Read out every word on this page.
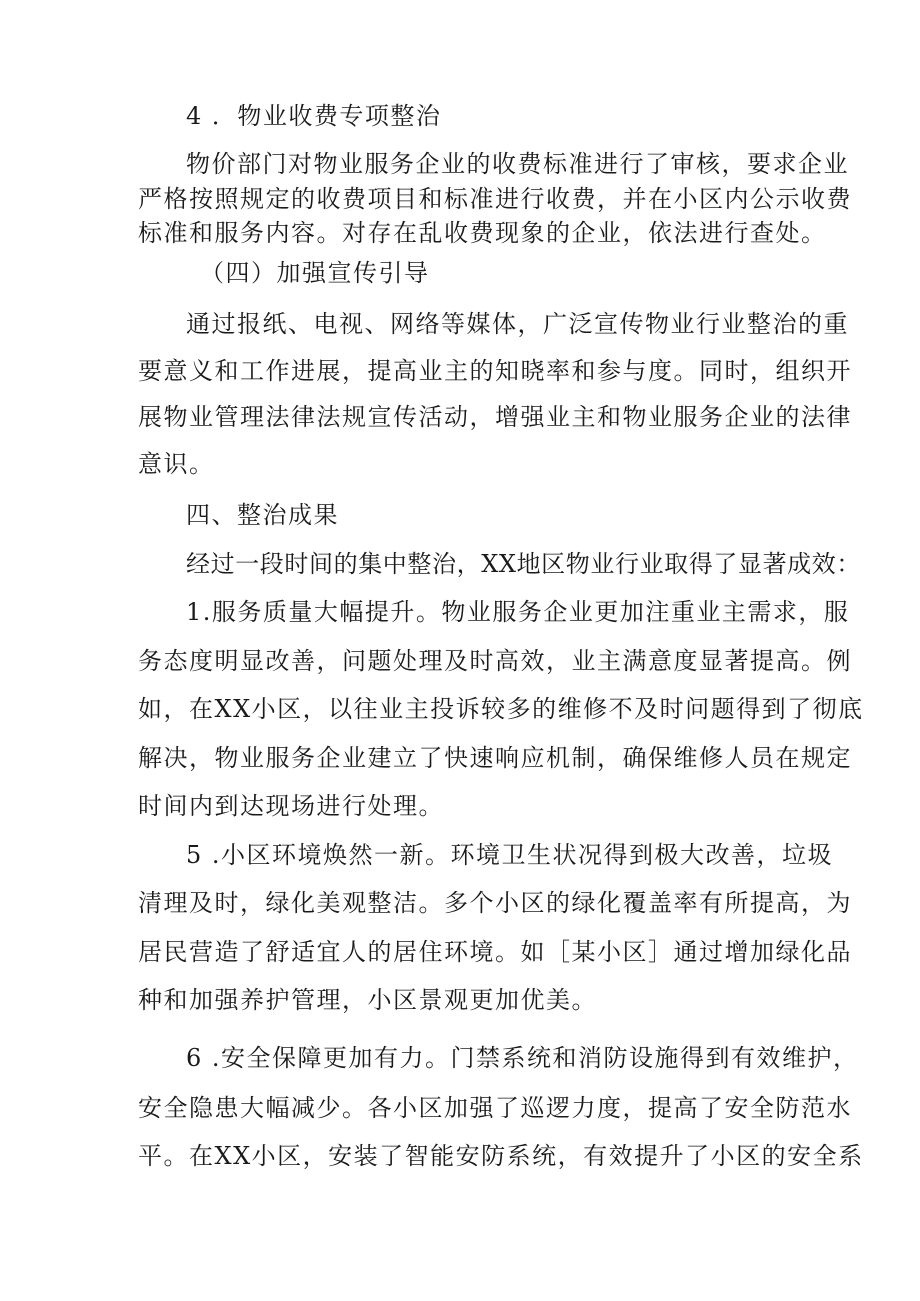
4 ．物业收费专项整治

物价部门对物业服务企业的收费标准进行了审核，要求企业

严格按照规定的收费项目和标准进行收费，并在小区内公示收费

标准和服务内容。对存在乱收费现象的企业，依法进行查处。

（四）加强宣传引导

通过报纸、电视、网络等媒体，广泛宣传物业行业整治的重

要意义和工作进展，提高业主的知晓率和参与度。同时，组织开

展物业管理法律法规宣传活动，增强业主和物业服务企业的法律

意识。

四、整治成果

经过一段时间的集中整治，XX地区物业行业取得了显著成效：

1.服务质量大幅提升。物业服务企业更加注重业主需求，服

务态度明显改善，问题处理及时高效，业主满意度显著提高。例

如，在XX小区，以往业主投诉较多的维修不及时问题得到了彻底

解决，物业服务企业建立了快速响应机制，确保维修人员在规定

时间内到达现场进行处理。

5 .小区环境焕然一新。环境卫生状况得到极大改善，垃圾

清理及时，绿化美观整洁。多个小区的绿化覆盖率有所提高，为

居民营造了舒适宜人的居住环境。如［某小区］通过增加绿化品

种和加强养护管理，小区景观更加优美。

6 .安全保障更加有力。门禁系统和消防设施得到有效维护，

安全隐患大幅减少。各小区加强了巡逻力度，提高了安全防范水

平。在XX小区，安装了智能安防系统，有效提升了小区的安全系
